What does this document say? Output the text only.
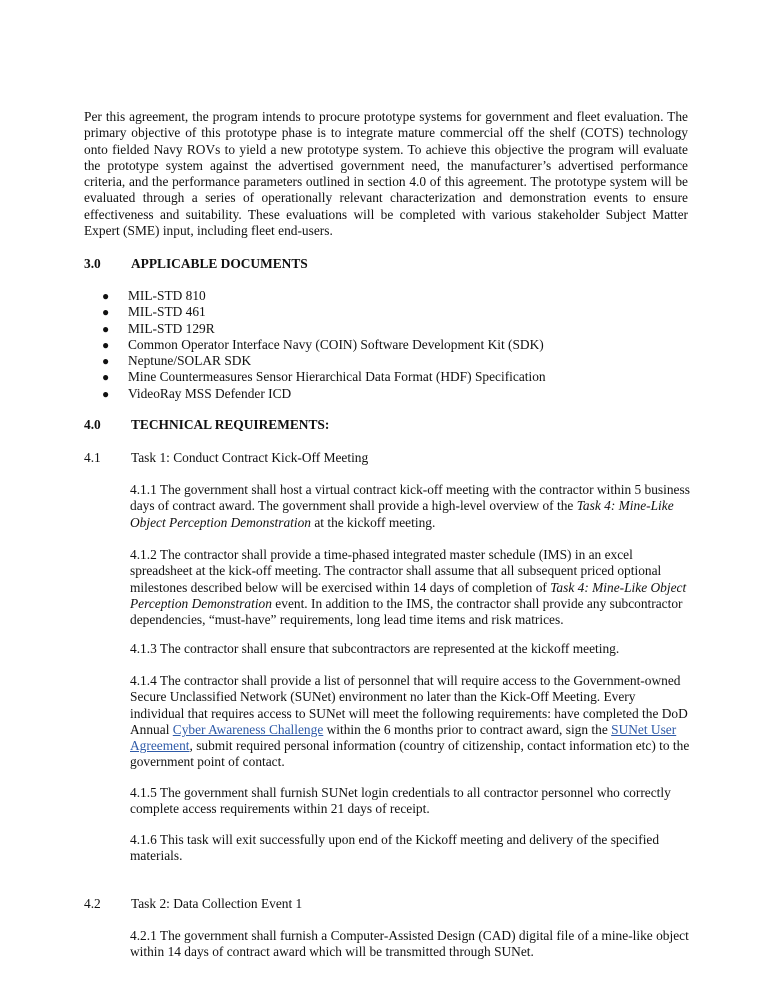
Per this agreement, the program intends to procure prototype systems for government and fleet evaluation. The primary objective of this prototype phase is to integrate mature commercial off the shelf (COTS) technology onto fielded Navy ROVs to yield a new prototype system. To achieve this objective the program will evaluate the prototype system against the advertised government need, the manufacturer’s advertised performance criteria, and the performance parameters outlined in section 4.0 of this agreement. The prototype system will be evaluated through a series of operationally relevant characterization and demonstration events to ensure effectiveness and suitability. These evaluations will be completed with various stakeholder Subject Matter Expert (SME) input, including fleet end-users.

3.0	APPLICABLE DOCUMENTS
●	MIL-STD 810
●	MIL-STD 461
●	MIL-STD 129R
●	Common Operator Interface Navy (COIN) Software Development Kit (SDK)
●	Neptune/SOLAR SDK
●	Mine Countermeasures Sensor Hierarchical Data Format (HDF) Specification
●	VideoRay MSS Defender ICD
4.0	TECHNICAL REQUIREMENTS:
4.1	Task 1: Conduct Contract Kick-Off Meeting

4.1.1 The government shall host a virtual contract kick-off meeting with the contractor within 5 business days of contract award. The government shall provide a high-level overview of the Task 4: Mine-Like Object Perception Demonstration at the kickoff meeting.

4.1.2 The contractor shall provide a time-phased integrated master schedule (IMS) in an excel spreadsheet at the kick-off meeting. The contractor shall assume that all subsequent priced optional milestones described below will be exercised within 14 days of completion of Task 4: Mine-Like Object Perception Demonstration event. In addition to the IMS, the contractor shall provide any subcontractor dependencies, “must-have” requirements, long lead time items and risk matrices.

4.1.3 The contractor shall ensure that subcontractors are represented at the kickoff meeting.

4.1.4 The contractor shall provide a list of personnel that will require access to the Government-owned Secure Unclassified Network (SUNet) environment no later than the Kick-Off Meeting. Every individual that requires access to SUNet will meet the following requirements: have completed the DoD Annual Cyber Awareness Challenge within the 6 months prior to contract award, sign the SUNet User Agreement, submit required personal information (country of citizenship, contact information etc) to the government point of contact.

4.1.5 The government shall furnish SUNet login credentials to all contractor personnel who correctly complete access requirements within 21 days of receipt.

4.1.6 This task will exit successfully upon end of the Kickoff meeting and delivery of the specified materials.

4.2	Task 2: Data Collection Event 1

4.2.1 The government shall furnish a Computer-Assisted Design (CAD) digital file of a mine-like object within 14 days of contract award which will be transmitted through SUNet.
